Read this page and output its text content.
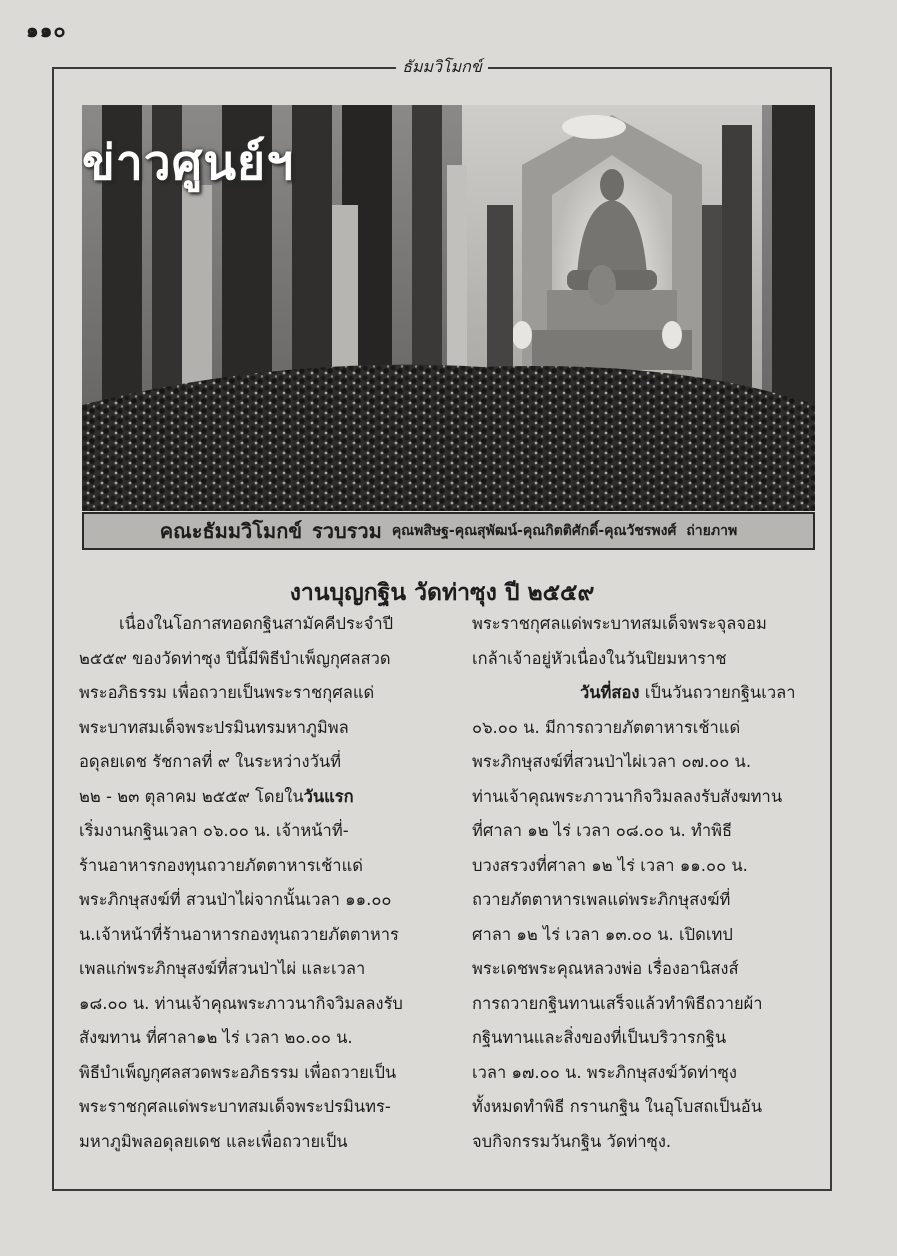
๑๑๐
ธัมมวิโมกข์
ข่าวศูนย์ฯ
คณะธัมมวิโมกข์ รวบรวม คุณพสิษฐ-คุณสุพัฒน์-คุณกิตติศักดิ์-คุณวัชรพงศ์ ถ่ายภาพ
งานบุญกฐิน วัดท่าซุง ปี ๒๕๕๙
เนื่องในโอกาสทอดกฐินสามัคคีประจำปี
๒๕๕๙ ของวัดท่าซุง ปีนี้มีพิธีบำเพ็ญกุศลสวด
พระอภิธรรม เพื่อถวายเป็นพระราชกุศลแด่
พระบาทสมเด็จพระปรมินทรมหาภูมิพล
อดุลยเดช รัชกาลที่ ๙ ในระหว่างวันที่
๒๒ - ๒๓ ตุลาคม ๒๕๕๙ โดยในวันแรก
เริ่มงานกฐินเวลา ๐๖.๐๐ น. เจ้าหน้าที่-
ร้านอาหารกองทุนถวายภัตตาหารเช้าแด่
พระภิกษุสงฆ์ที่ สวนป่าไผ่จากนั้นเวลา ๑๑.๐๐
น.เจ้าหน้าที่ร้านอาหารกองทุนถวายภัตตาหาร
เพลแก่พระภิกษุสงฆ์ที่สวนป่าไผ่ และเวลา
๑๘.๐๐ น. ท่านเจ้าคุณพระภาวนากิจวิมลลงรับ
สังฆทาน ที่ศาลา๑๒ ไร่ เวลา ๒๐.๐๐ น.
พิธีบำเพ็ญกุศลสวดพระอภิธรรม เพื่อถวายเป็น
พระราชกุศลแด่พระบาทสมเด็จพระปรมินทร-
มหาภูมิพลอดุลยเดช และเพื่อถวายเป็น
พระราชกุศลแด่พระบาทสมเด็จพระจุลจอม
เกล้าเจ้าอยู่หัวเนื่องในวันปิยมหาราช
วันที่สอง เป็นวันถวายกฐินเวลา
๐๖.๐๐ น. มีการถวายภัตตาหารเช้าแด่
พระภิกษุสงฆ์ที่สวนป่าไผ่เวลา ๐๗.๐๐ น.
ท่านเจ้าคุณพระภาวนากิจวิมลลงรับสังฆทาน
ที่ศาลา ๑๒ ไร่ เวลา ๐๘.๐๐ น. ทำพิธี
บวงสรวงที่ศาลา ๑๒ ไร่ เวลา ๑๑.๐๐ น.
ถวายภัตตาหารเพลแด่พระภิกษุสงฆ์ที่
ศาลา ๑๒ ไร่ เวลา ๑๓.๐๐ น. เปิดเทป
พระเดชพระคุณหลวงพ่อ เรื่องอานิสงส์
การถวายกฐินทานเสร็จแล้วทำพิธีถวายผ้า
กฐินทานและสิ่งของที่เป็นบริวารกฐิน
เวลา ๑๗.๐๐ น. พระภิกษุสงฆ์วัดท่าซุง
ทั้งหมดทำพิธี กรานกฐิน ในอุโบสถเป็นอัน
จบกิจกรรมวันกฐิน วัดท่าซุง.
